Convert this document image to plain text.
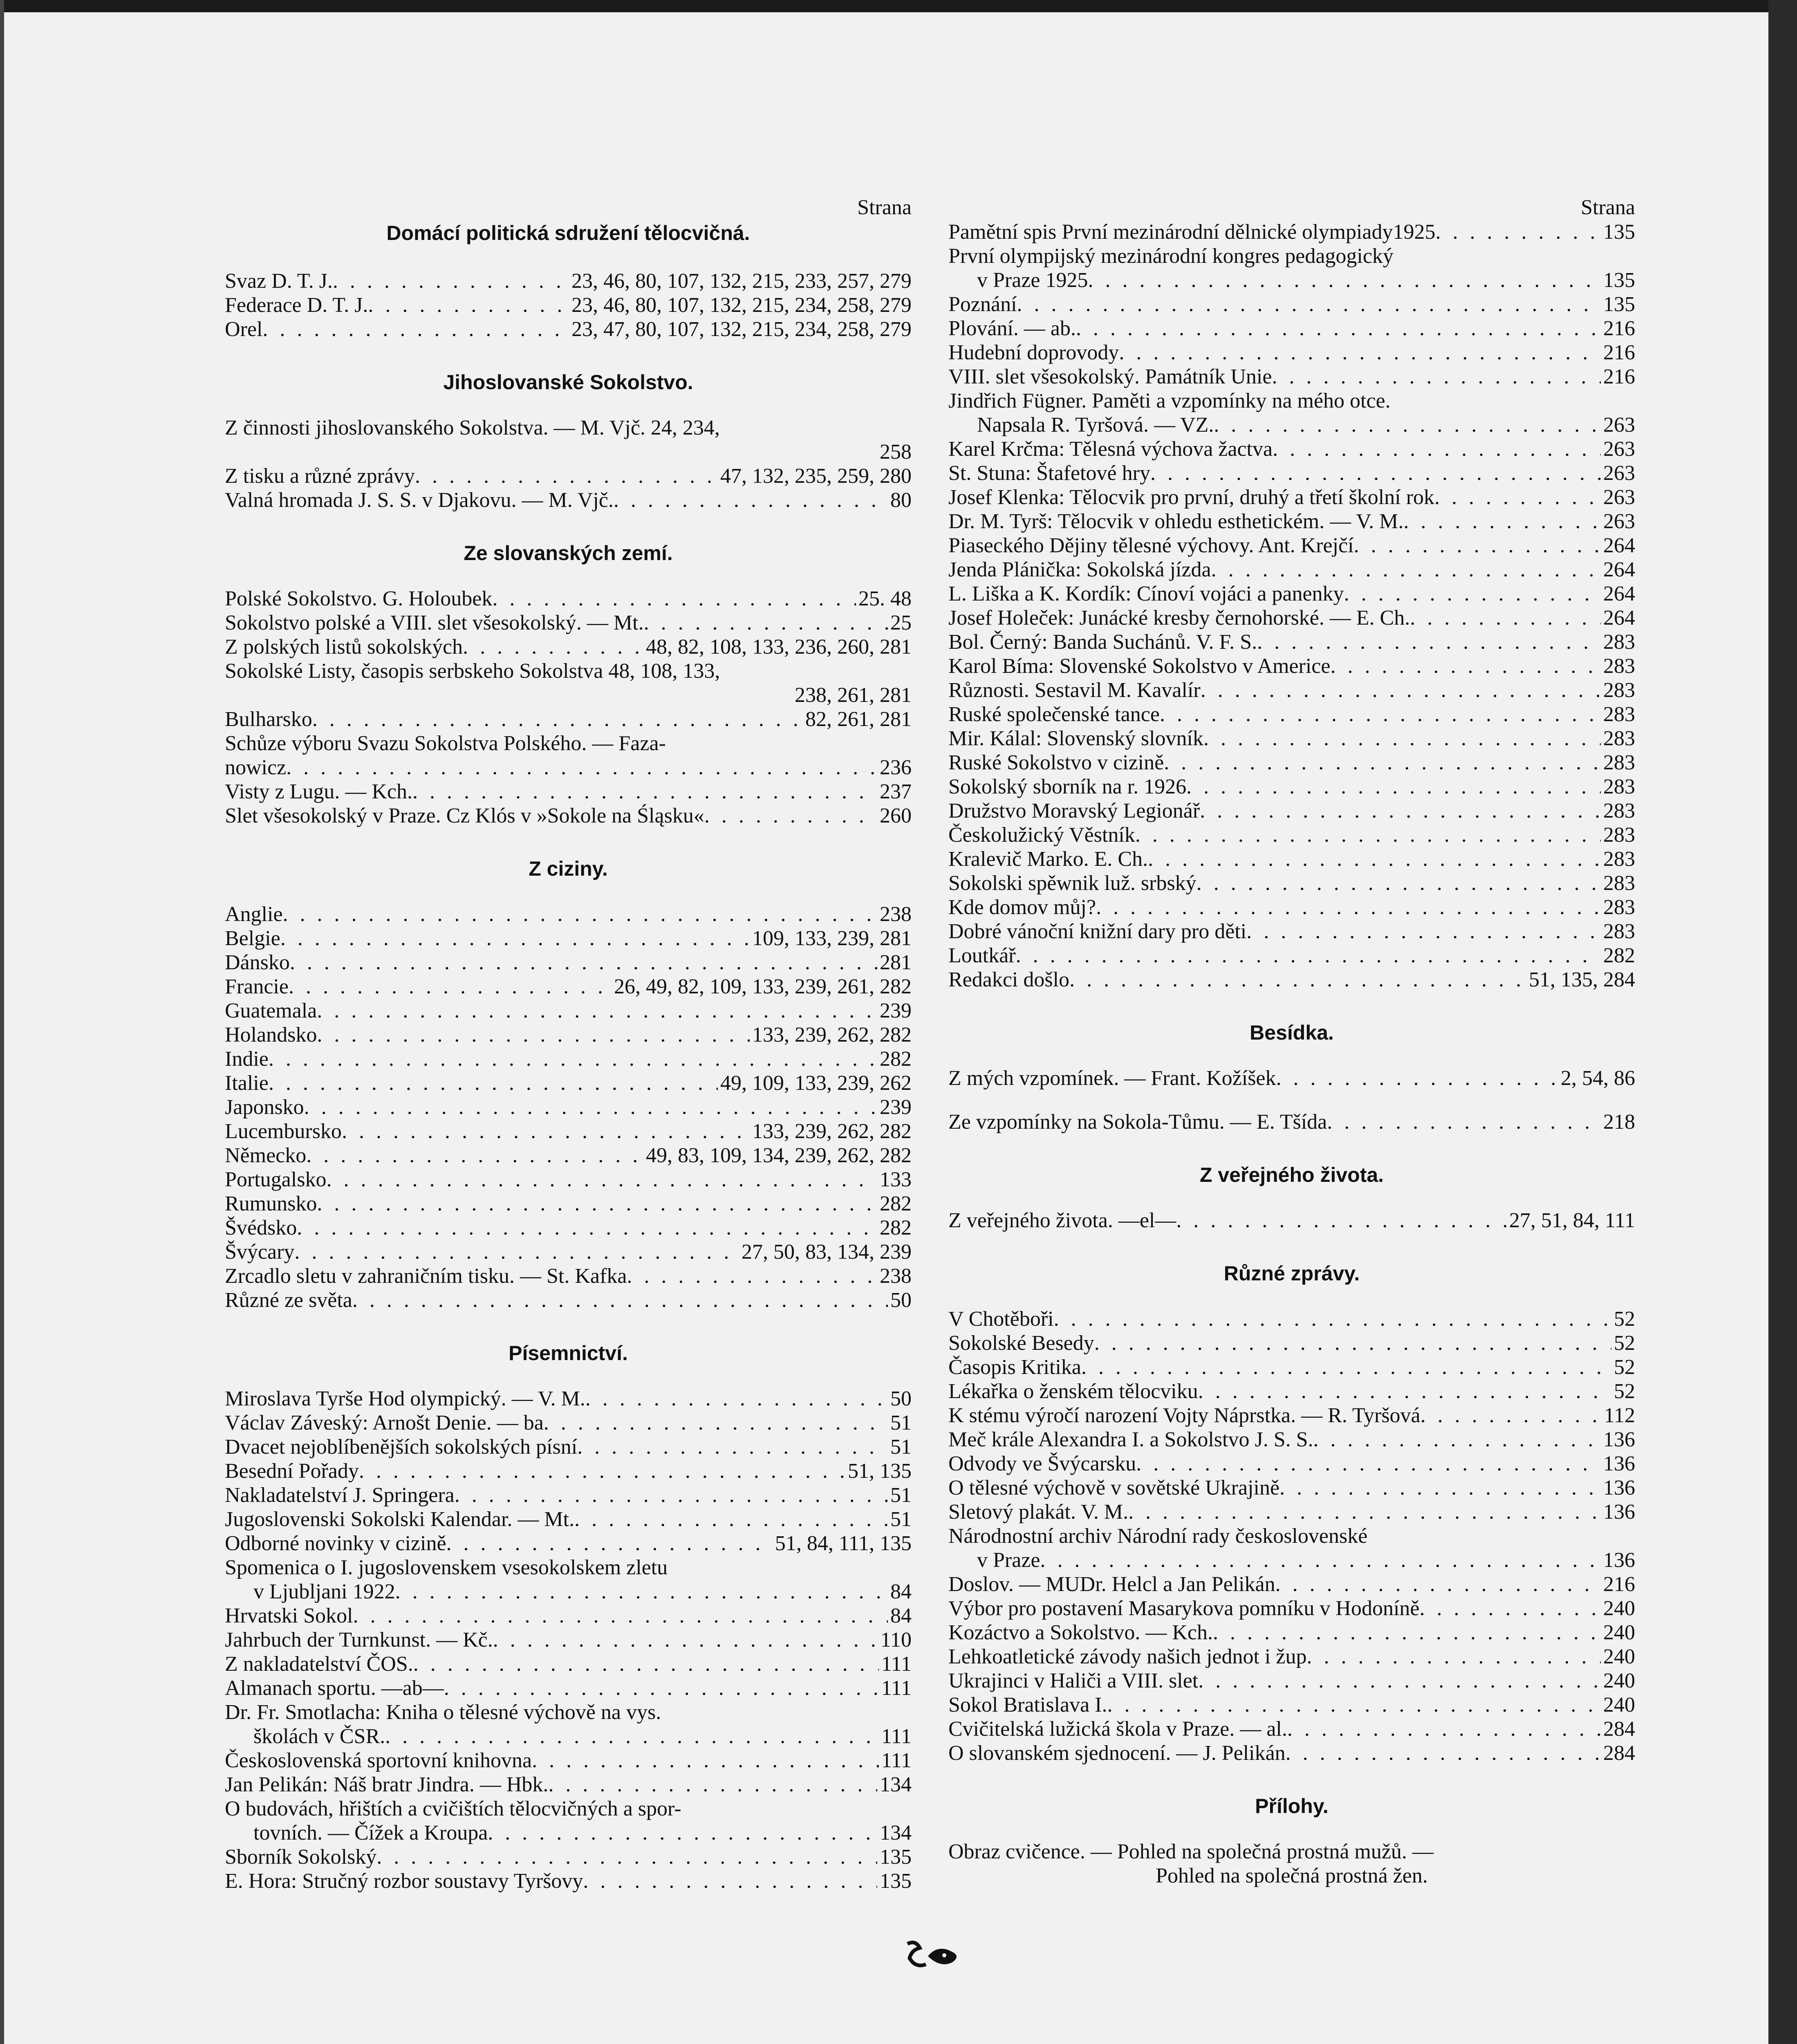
Strana
Domácí politická sdružení tělocvičná.
Svaz D. T. J. . . .	23, 46, 80, 107, 132, 215, 233, 257, 279
Federace D. T. J. . . .	23, 46, 80, 107, 132, 215, 234, 258, 279
Orel . . .	23, 47, 80, 107, 132, 215, 234, 258, 279
Jihoslovanské Sokolstvo.
Z činnosti jihoslovanského Sokolstva. — M. Vjč. 24, 234,
258
Z tisku a různé zprávy . . .	47, 132, 235, 259, 280
Valná hromada J. S. S. v Djakovu. — M. Vjč. . . .	80
Ze slovanských zemí.
Polské Sokolstvo. G. Holoubek . . .	25. 48
Sokolstvo polské a VIII. slet všesokolský. — Mt. . . .	25
Z polských listů sokolských . . .	48, 82, 108, 133, 236, 260, 281
Sokolské Listy, časopis serbskeho Sokolstva 48, 108, 133,
238, 261, 281
Bulharsko . . .	82, 261, 281
Schůze výboru Svazu Sokolstva Polského. — Faza-
nowicz . . .	236
Visty z Lugu. — Kch. . . .	237
Slet všesokolský v Praze. Cz Klós v »Sokole na Śląsku« . . .	260
Z ciziny.
Anglie . . .	238
Belgie . . .	109, 133, 239, 281
Dánsko . . .	281
Francie . . .	26, 49, 82, 109, 133, 239, 261, 282
Guatemala . . .	239
Holandsko . . .	133, 239, 262, 282
Indie . . .	282
Italie . . .	49, 109, 133, 239, 262
Japonsko . . .	239
Lucembursko . . .	133, 239, 262, 282
Německo . . .	49, 83, 109, 134, 239, 262, 282
Portugalsko . . .	133
Rumunsko . . .	282
Švédsko . . .	282
Švýcary . . .	27, 50, 83, 134, 239
Zrcadlo sletu v zahraničním tisku. — St. Kafka . . .	238
Různé ze světa . . .	50
Písemnictví.
Miroslava Tyrše Hod olympický. — V. M. . . .	50
Václav Záveský: Arnošt Denie. — ba . . .	51
Dvacet nejoblíbenějších sokolských písní . . .	51
Besední Pořady . . .	51, 135
Nakladatelství J. Springera . . .	51
Jugoslovenski Sokolski Kalendar. — Mt. . . .	51
Odborné novinky v cizině . . .	51, 84, 111, 135
Spomenica o I. jugoslovenskem vsesokolskem zletu
v Ljubljani 1922 . . .	84
Hrvatski Sokol . . .	84
Jahrbuch der Turnkunst. — Kč. . . .	110
Z nakladatelství ČOS. . . .	111
Almanach sportu. —ab— . . .	111
Dr. Fr. Smotlacha: Kniha o tělesné výchově na vys.
školách v ČSR. . . .	111
Československá sportovní knihovna . . .	111
Jan Pelikán: Náš bratr Jindra. — Hbk. . . .	134
O budovách, hřištích a cvičištích tělocvičných a spor-
tovních. — Čížek a Kroupa . . .	134
Sborník Sokolský . . .	135
E. Hora: Stručný rozbor soustavy Tyršovy . . .	135
Strana
Pamětní spis První mezinárodní dělnické olympiady1925 . . .	135
První olympijský mezinárodní kongres pedagogický
v Praze 1925 . . .	135
Poznání . . .	135
Plování. — ab. . . .	216
Hudební doprovody . . .	216
VIII. slet všesokolský. Památník Unie . . .	216
Jindřich Fügner. Paměti a vzpomínky na mého otce.
Napsala R. Tyršová. — VZ. . . .	263
Karel Krčma: Tělesná výchova žactva . . .	263
St. Stuna: Štafetové hry . . .	263
Josef Klenka: Tělocvik pro první, druhý a třetí školní rok . . .	263
Dr. M. Tyrš: Tělocvik v ohledu esthetickém. — V. M. . . .	263
Piaseckého Dějiny tělesné výchovy. Ant. Krejčí . . .	264
Jenda Plánička: Sokolská jízda . . .	264
L. Liška a K. Kordík: Cínoví vojáci a panenky . . .	264
Josef Holeček: Junácké kresby černohorské. — E. Ch. . . .	264
Bol. Černý: Banda Suchánů. V. F. S. . . .	283
Karol Bíma: Slovenské Sokolstvo v Americe . . .	283
Různosti. Sestavil M. Kavalír . . .	283
Ruské společenské tance . . .	283
Mir. Kálal: Slovenský slovník . . .	283
Ruské Sokolstvo v cizině . . .	283
Sokolský sborník na r. 1926 . . .	283
Družstvo Moravský Legionář . . .	283
Českolužický Věstník . . .	283
Kralevič Marko. E. Ch. . . .	283
Sokolski spěwnik luž. srbský . . .	283
Kde domov můj? . . .	283
Dobré vánoční knižní dary pro děti . . .	283
Loutkář . . .	282
Redakci došlo . . .	51, 135, 284
Besídka.
Z mých vzpomínek. — Frant. Kožíšek . . .	2, 54, 86
Ze vzpomínky na Sokola-Tůmu. — E. Tšída . . .	218
Z veřejného života.
Z veřejného života. —el— . . .	27, 51, 84, 111
Různé zprávy.
V Chotěboři . . .	52
Sokolské Besedy . . .	52
Časopis Kritika . . .	52
Lékařka o ženském tělocviku . . .	52
K stému výročí narození Vojty Náprstka. — R. Tyršová . . .	112
Meč krále Alexandra I. a Sokolstvo J. S. S. . . .	136
Odvody ve Švýcarsku . . .	136
O tělesné výchově v sovětské Ukrajině . . .	136
Sletový plakát. V. M. . . .	136
Národnostní archiv Národní rady československé
v Praze . . .	136
Doslov. — MUDr. Helcl a Jan Pelikán . . .	216
Výbor pro postavení Masarykova pomníku v Hodoníně . . .	240
Kozáctvo a Sokolstvo. — Kch. . . .	240
Lehkoatletické závody našich jednot i žup . . .	240
Ukrajinci v Haliči a VIII. slet . . .	240
Sokol Bratislava I. . . .	240
Cvičitelská lužická škola v Praze. — al. . . .	284
O slovanském sjednocení. — J. Pelikán . . .	284
Přílohy.
Obraz cvičence. — Pohled na společná prostná mužů. —
Pohled na společná prostná žen.
